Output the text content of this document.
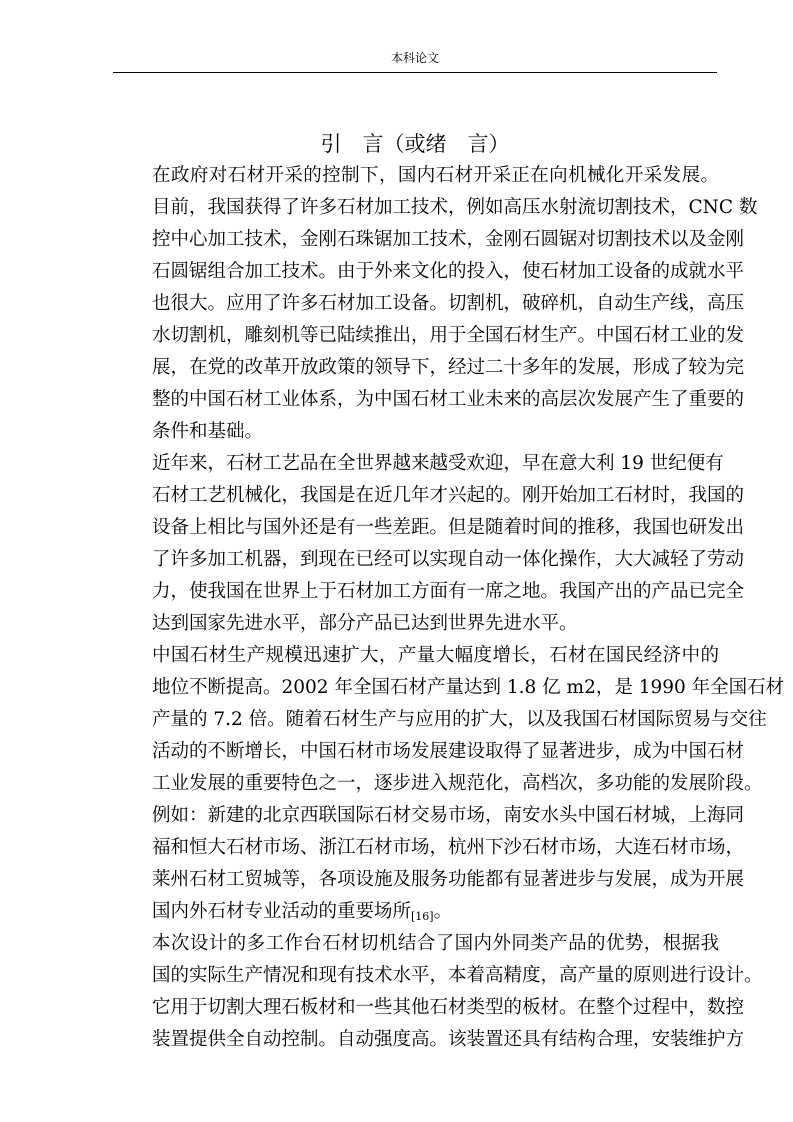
本科论文
引　言（或绪　言）

在政府对石材开采的控制下，国内石材开采正在向机械化开采发展。
目前，我国获得了许多石材加工技术，例如高压水射流切割技术，CNC 数
控中心加工技术，金刚石珠锯加工技术，金刚石圆锯对切割技术以及金刚
石圆锯组合加工技术。由于外来文化的投入，使石材加工设备的成就水平
也很大。应用了许多石材加工设备。切割机，破碎机，自动生产线，高压
水切割机，雕刻机等已陆续推出，用于全国石材生产。中国石材工业的发
展，在党的改革开放政策的领导下，经过二十多年的发展，形成了较为完
整的中国石材工业体系，为中国石材工业未来的高层次发展产生了重要的
条件和基础。

近年来，石材工艺品在全世界越来越受欢迎，早在意大利 19 世纪便有
石材工艺机械化，我国是在近几年才兴起的。刚开始加工石材时，我国的
设备上相比与国外还是有一些差距。但是随着时间的推移，我国也研发出
了许多加工机器，到现在已经可以实现自动一体化操作，大大减轻了劳动
力，使我国在世界上于石材加工方面有一席之地。我国产出的产品已完全
达到国家先进水平，部分产品已达到世界先进水平。

中国石材生产规模迅速扩大，产量大幅度增长，石材在国民经济中的
地位不断提高。2002 年全国石材产量达到 1.8 亿 m2，是 1990 年全国石材
产量的 7.2 倍。随着石材生产与应用的扩大，以及我国石材国际贸易与交往
活动的不断增长，中国石材市场发展建设取得了显著进步，成为中国石材
工业发展的重要特色之一，逐步进入规范化，高档次，多功能的发展阶段。
例如：新建的北京西联国际石材交易市场，南安水头中国石材城，上海同
福和恒大石材市场、浙江石材市场，杭州下沙石材市场，大连石材市场，
莱州石材工贸城等，各项设施及服务功能都有显著进步与发展，成为开展
国内外石材专业活动的重要场所$_{[16]}$。

本次设计的多工作台石材切机结合了国内外同类产品的优势，根据我
国的实际生产情况和现有技术水平，本着高精度，高产量的原则进行设计。
它用于切割大理石板材和一些其他石材类型的板材。在整个过程中，数控
装置提供全自动控制。自动强度高。该装置还具有结构合理，安装维护方
